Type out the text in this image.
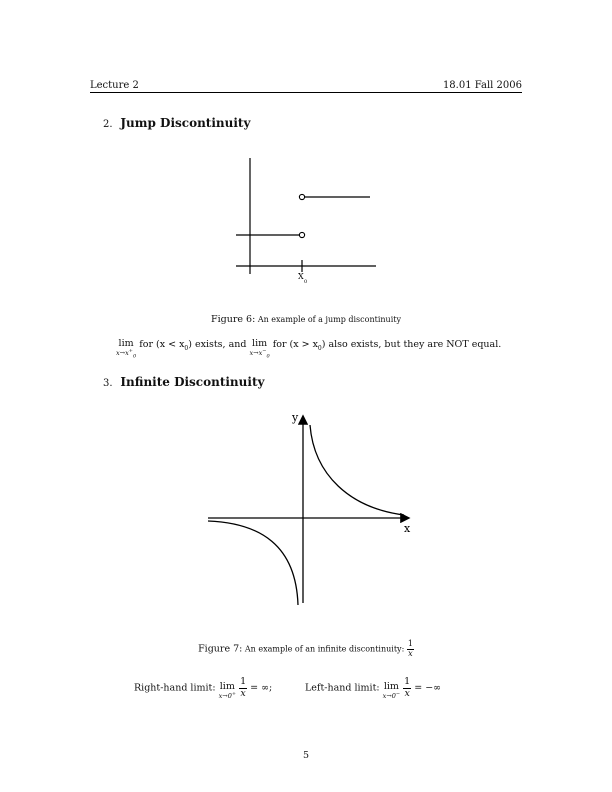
Lecture 2	18.01 Fall 2006
2. Jump Discontinuity
X
0
Figure 6: An example of a jump discontinuity
lim
$x\to x^+_0$
for $(x < x_0)$ exists, and lim
$x\to x^-_0$
for $(x > x_0)$ also exists, but they are NOT equal.
3. Infinite Discontinuity
y
x
Figure 7: An example of an infinite discontinuity: $\frac{1}{x}$
Right-hand limit: lim
x→0+
$\frac{1}{x}$ = ∞;	Left-hand limit: lim
x→0−
$\frac{1}{x}$ = −∞
5
